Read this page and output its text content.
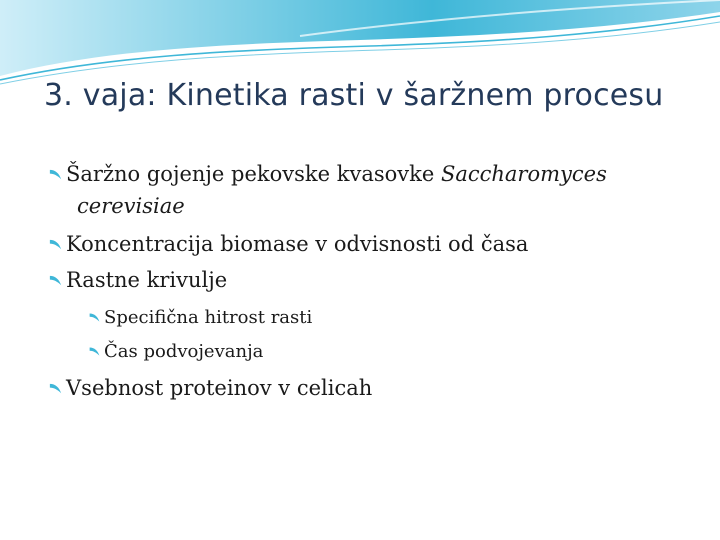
3. vaja: Kinetika rasti v šaržnem procesu
Šaržno gojenje pekovske kvasovke Saccharomyces
cerevisiae
Koncentracija biomase v odvisnosti od časa
Rastne krivulje
Specifična hitrost rasti
Čas podvojevanja
Vsebnost proteinov v celicah
